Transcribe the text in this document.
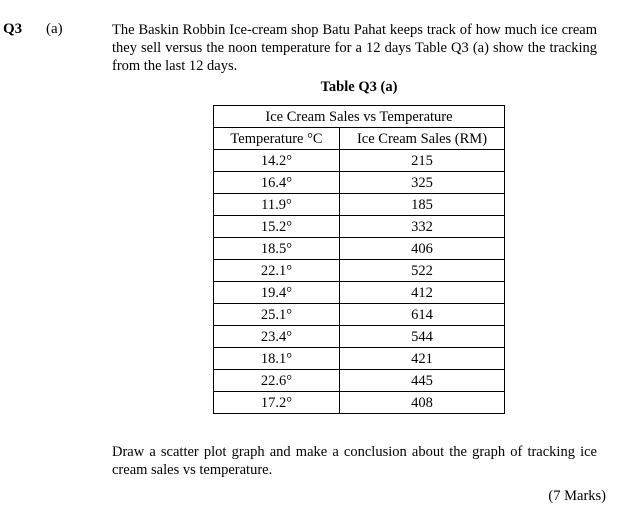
Q3 (a)	The Baskin Robbin Ice-cream shop Batu Pahat keeps track of how much ice cream they sell versus the noon temperature for a 12 days Table Q3 (a) show the tracking from the last 12 days.
Table Q3 (a)
Ice Cream Sales vs Temperature	
Temperature °C	Ice Cream Sales (RM)
14.2°	215
16.4°	325
11.9°	185
15.2°	332
18.5°	406
22.1°	522
19.4°	412
25.1°	614
23.4°	544
18.1°	421
22.6°	445
17.2°	408
Draw a scatter plot graph and make a conclusion about the graph of tracking ice cream sales vs temperature.
(7 Marks)
